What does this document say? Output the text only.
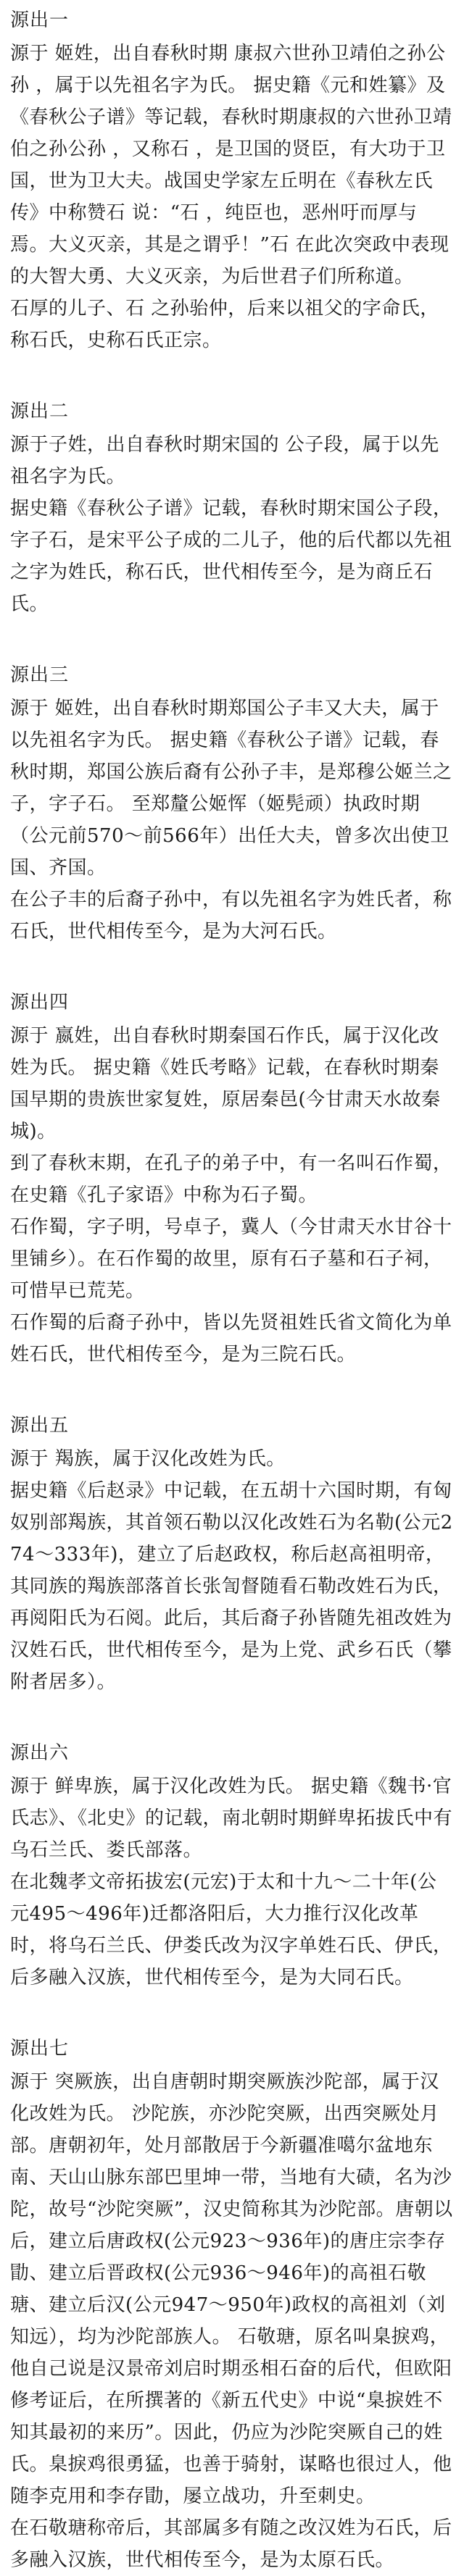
源出一

源于 姬姓，出自春秋时期 康叔六世孙卫靖伯之孙公孙 ，属于以先祖名字为氏。 据史籍《元和姓纂》及《春秋公子谱》等记载，春秋时期康叔的六世孙卫靖伯之孙公孙 ，又称石 ，是卫国的贤臣，有大功于卫国，世为卫大夫。战国史学家左丘明在《春秋左氏传》中称赞石 说：“石 ，纯臣也，恶州吁而厚与焉。大义灭亲，其是之谓乎！”石 在此次突政中表现的大智大勇、大义灭亲，为后世君子们所称道。

石厚的儿子、石 之孙骀仲，后来以祖父的字命氏，称石氏，史称石氏正宗。

源出二

源于子姓，出自春秋时期宋国的 公子段，属于以先祖名字为氏。

据史籍《春秋公子谱》记载，春秋时期宋国公子段，字子石，是宋平公子成的二儿子，他的后代都以先祖之字为姓氏，称石氏，世代相传至今，是为商丘石氏。

源出三

源于 姬姓，出自春秋时期郑国公子丰又大夫，属于以先祖名字为氏。 据史籍《春秋公子谱》记载，春秋时期，郑国公族后裔有公孙子丰，是郑穆公姬兰之子，字子石。 至郑釐公姬恽（姬髡顽）执政时期（公元前570～前566年）出任大夫，曾多次出使卫国、齐国。

在公子丰的后裔子孙中，有以先祖名字为姓氏者，称石氏，世代相传至今，是为大河石氏。

源出四

源于 嬴姓，出自春秋时期秦国石作氏，属于汉化改姓为氏。 据史籍《姓氏考略》记载，在春秋时期秦国早期的贵族世家复姓，原居秦邑(今甘肃天水故秦城)。

到了春秋末期，在孔子的弟子中，有一名叫石作蜀，在史籍《孔子家语》中称为石子蜀。

石作蜀，字子明，号卓子，冀人（今甘肃天水甘谷十里铺乡）。在石作蜀的故里，原有石子墓和石子祠，可惜早已荒芜。

石作蜀的后裔子孙中，皆以先贤祖姓氏省文简化为单姓石氏，世代相传至今，是为三院石氏。

源出五

源于 羯族，属于汉化改姓为氏。

据史籍《后赵录》中记载，在五胡十六国时期，有匈奴别部羯族，其首领石勒以汉化改姓石为名勒(公元274～333年)，建立了后赵政权，称后赵高祖明帝，其同族的羯族部落首长张訇督随看石勒改姓石为氏，再阅阳氏为石阅。此后，其后裔子孙皆随先祖改姓为汉姓石氏，世代相传至今，是为上党、武乡石氏（攀附者居多）。

源出六

源于 鲜卑族，属于汉化改姓为氏。 据史籍《魏书·官氏志》、《北史》的记载，南北朝时期鲜卑拓拔氏中有乌石兰氏、娄氏部落。

在北魏孝文帝拓拔宏(元宏)于太和十九～二十年(公元495～496年)迁都洛阳后，大力推行汉化改革时，将乌石兰氏、伊娄氏改为汉字单姓石氏、伊氏，后多融入汉族，世代相传至今，是为大同石氏。

源出七

源于 突厥族，出自唐朝时期突厥族沙陀部，属于汉化改姓为氏。 沙陀族，亦沙陀突厥，出西突厥处月部。唐朝初年，处月部散居于今新疆准噶尔盆地东南、天山山脉东部巴里坤一带，当地有大碛，名为沙陀，故号“沙陀突厥”，汉史简称其为沙陀部。唐朝以后，建立后唐政权(公元923～936年)的唐庄宗李存勖、建立后晋政权(公元936～946年)的高祖石敬瑭、建立后汉(公元947～950年)政权的高祖刘（刘知远），均为沙陀部族人。 石敬瑭，原名叫臬捩鸡，他自己说是汉景帝刘启时期丞相石奋的后代，但欧阳修考证后，在所撰著的《新五代史》中说“臬捩姓不知其最初的来历”。因此，仍应为沙陀突厥自己的姓氏。臬捩鸡很勇猛，也善于骑射，谋略也很过人，他随李克用和李存勖，屡立战功，升至刺史。

在石敬瑭称帝后，其部属多有随之改汉姓为石氏，后多融入汉族，世代相传至今，是为太原石氏。
